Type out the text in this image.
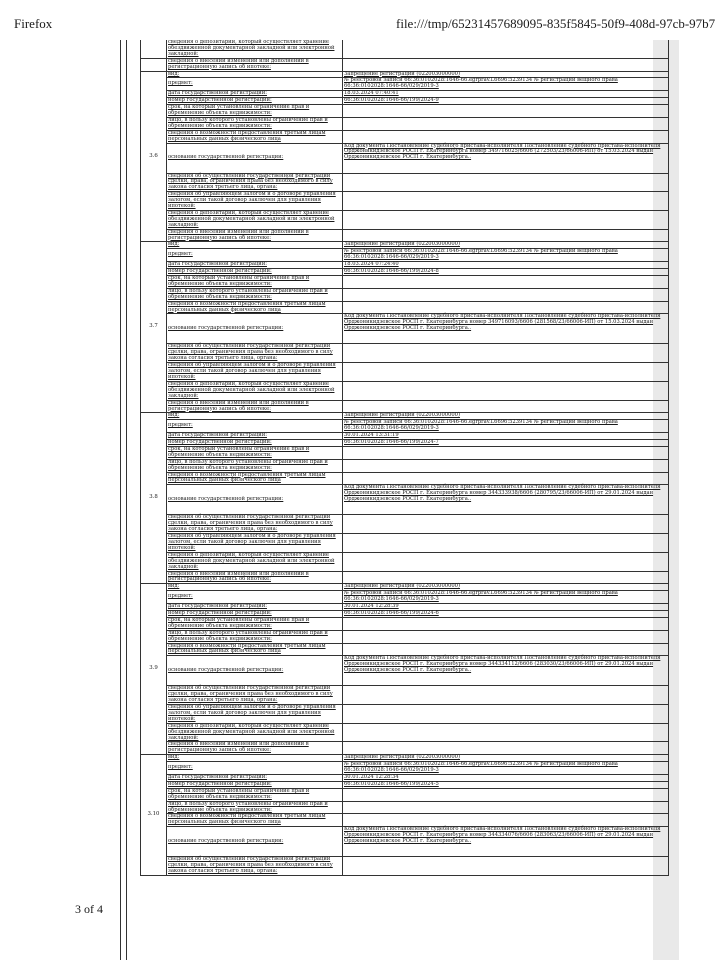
Firefox	file:///tmp/65231457689095-835f5845-50f9-408d-97cb-97b7
	сведения о депозитарии, который осуществляет хранение обездвиженной документарной закладной или электронной закладной:	
	сведения о внесении изменений или дополнений в регистрационную запись об ипотеке:	
3.6	вид:	Запрещение регистрации (022003000000)
	предмет:	№ реестровой записи 66:36:0102028:1646-66.egrprav.L6696:5239134 № регистрации вещного права 66:36:0102028:1646-66/029/2019-3
	дата государственной регистрации:	18.03.2024 07:40:41
	номер государственной регистрации:	66:36:0102028:1646-66/199/2024-9
	срок, на который установлены ограничение прав и обременение объекта недвижимости:	
	лицо, в пользу которого установлены ограничение прав и обременение объекта недвижимости:	
	сведения о возможности предоставления третьим лицам персональных данных физического лица	
	основание государственной регистрации:	Код документа Постановление судебного пристава-исполнителя Постановление судебного пристава-исполнителя Орджоникидзевское РОСП г. Екатеринбурга номер 349716025/6606 (272503/23/66006-ИП) от 15.03.2024 выдан Орджоникидзевское РОСП г. Екатеринбурга..
	сведения об осуществлении государственной регистрации сделки, права, ограничения права без необходимого в силу закона согласия третьего лица, органа:	
	сведения об управляющем залогом и о договоре управления залогом, если такой договор заключен для управления ипотекой:	
	сведения о депозитарии, который осуществляет хранение обездвиженной документарной закладной или электронной закладной:	
	сведения о внесении изменений или дополнений в регистрационную запись об ипотеке:	
3.7	вид:	Запрещение регистрации (022003000000)
	предмет:	№ реестровой записи 66:36:0102028:1646-66.egrprav.L6696:5239134 № регистрации вещного права 66:36:0102028:1646-66/029/2019-3
	дата государственной регистрации:	18.03.2024 07:24:40
	номер государственной регистрации:	66:36:0102028:1646-66/199/2024-8
	срок, на который установлены ограничение прав и обременение объекта недвижимости:	
	лицо, в пользу которого установлены ограничение прав и обременение объекта недвижимости:	
	сведения о возможности предоставления третьим лицам персональных данных физического лица	
	основание государственной регистрации:	Код документа Постановление судебного пристава-исполнителя Постановление судебного пристава-исполнителя Орджоникидзевское РОСП г. Екатеринбурга номер 349716093/6606 (281568/23/66006-ИП) от 15.03.2024 выдан Орджоникидзевское РОСП г. Екатеринбурга..
	сведения об осуществлении государственной регистрации сделки, права, ограничения права без необходимого в силу закона согласия третьего лица, органа:	
	сведения об управляющем залогом и о договоре управления залогом, если такой договор заключен для управления ипотекой:	
	сведения о депозитарии, который осуществляет хранение обездвиженной документарной закладной или электронной закладной:	
	сведения о внесении изменений или дополнений в регистрационную запись об ипотеке:	
3.8	вид:	Запрещение регистрации (022003000000)
	предмет:	№ реестровой записи 66:36:0102028:1646-66.egrprav.L6696:5239134 № регистрации вещного права 66:36:0102028:1646-66/029/2019-3
	дата государственной регистрации:	30.01.2024 13:31:19
	номер государственной регистрации:	66:36:0102028:1646-66/199/2024-7
	срок, на который установлены ограничение прав и обременение объекта недвижимости:	
	лицо, в пользу которого установлены ограничение прав и обременение объекта недвижимости:	
	сведения о возможности предоставления третьим лицам персональных данных физического лица	
	основание государственной регистрации:	Код документа Постановление судебного пристава-исполнителя Постановление судебного пристава-исполнителя Орджоникидзевское РОСП г. Екатеринбурга номер 344333938/6606 (280795/23/66006-ИП) от 29.01.2024 выдан Орджоникидзевское РОСП г. Екатеринбурга..
	сведения об осуществлении государственной регистрации сделки, права, ограничения права без необходимого в силу закона согласия третьего лица, органа:	
	сведения об управляющем залогом и о договоре управления залогом, если такой договор заключен для управления ипотекой:	
	сведения о депозитарии, который осуществляет хранение обездвиженной документарной закладной или электронной закладной:	
	сведения о внесении изменений или дополнений в регистрационную запись об ипотеке:	
3.9	вид:	Запрещение регистрации (022003000000)
	предмет:	№ реестровой записи 66:36:0102028:1646-66.egrprav.L6696:5239134 № регистрации вещного права 66:36:0102028:1646-66/029/2019-3
	дата государственной регистрации:	30.01.2024 12:28:39
	номер государственной регистрации:	66:36:0102028:1646-66/199/2024-6
	срок, на который установлены ограничение прав и обременение объекта недвижимости:	
	лицо, в пользу которого установлены ограничение прав и обременение объекта недвижимости:	
	сведения о возможности предоставления третьим лицам персональных данных физического лица	
	основание государственной регистрации:	Код документа Постановление судебного пристава-исполнителя Постановление судебного пристава-исполнителя Орджоникидзевское РОСП г. Екатеринбурга номер 344334112/6606 (283030/23/66006-ИП) от 29.01.2024 выдан Орджоникидзевское РОСП г. Екатеринбурга..
	сведения об осуществлении государственной регистрации сделки, права, ограничения права без необходимого в силу закона согласия третьего лица, органа:	
	сведения об управляющем залогом и о договоре управления залогом, если такой договор заключен для управления ипотекой:	
	сведения о депозитарии, который осуществляет хранение обездвиженной документарной закладной или электронной закладной:	
	сведения о внесении изменений или дополнений в регистрационную запись об ипотеке:	
3.10	вид:	Запрещение регистрации (022003000000)
	предмет:	№ реестровой записи 66:36:0102028:1646-66.egrprav.L6696:5239134 № регистрации вещного права 66:36:0102028:1646-66/029/2019-3
	дата государственной регистрации:	30.01.2024 12:28:34
	номер государственной регистрации:	66:36:0102028:1646-66/199/2024-5
	срок, на который установлены ограничение прав и обременение объекта недвижимости:	
	лицо, в пользу которого установлены ограничение прав и обременение объекта недвижимости:	
	сведения о возможности предоставления третьим лицам персональных данных физического лица	
	основание государственной регистрации:	Код документа Постановление судебного пристава-исполнителя Постановление судебного пристава-исполнителя Орджоникидзевское РОСП г. Екатеринбурга номер 344334076/6606 (283063/23/66006-ИП) от 29.01.2024 выдан Орджоникидзевское РОСП г. Екатеринбурга..
	сведения об осуществлении государственной регистрации сделки, права, ограничения права без необходимого в силу закона согласия третьего лица, органа:	
3 of 4
